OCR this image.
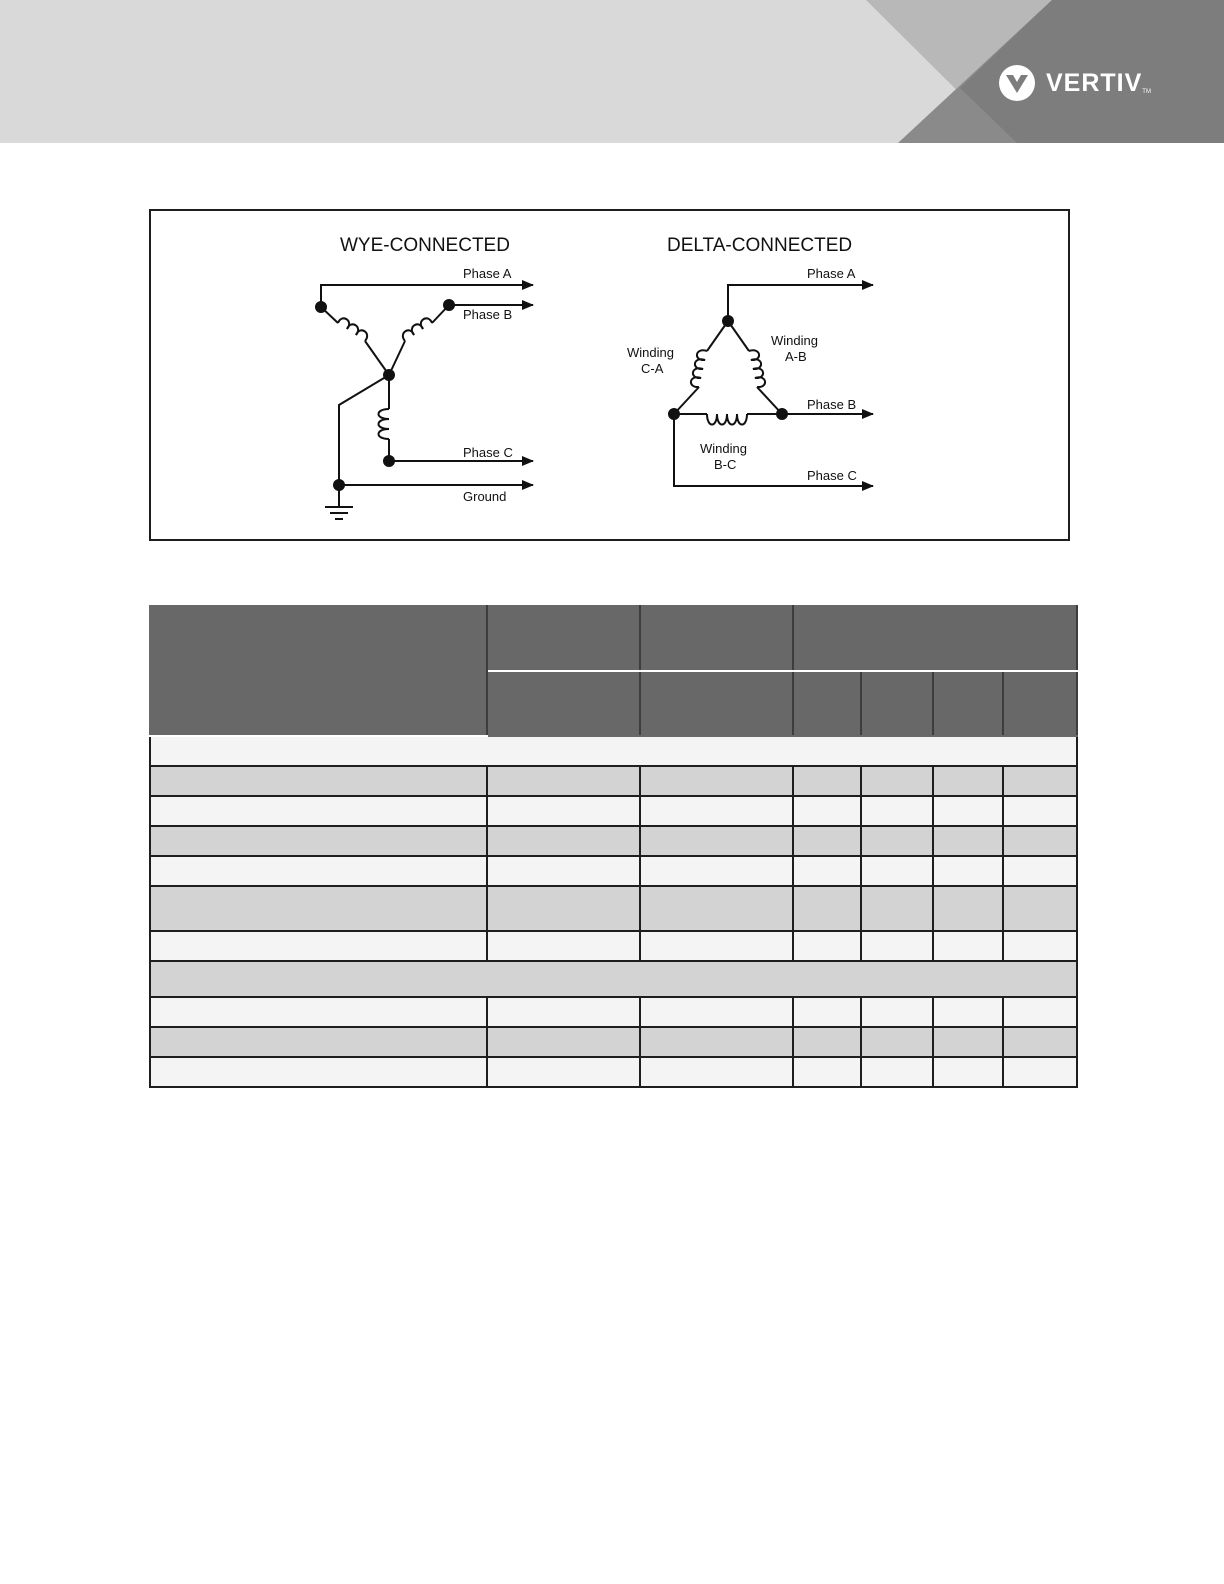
VERTIV TM
WYE-CONNECTED
Phase A
Phase B
Phase C
Ground
DELTA-CONNECTED
Phase A
Winding
A-B
Winding
C-A
Phase B
Winding
B-C
Phase C
